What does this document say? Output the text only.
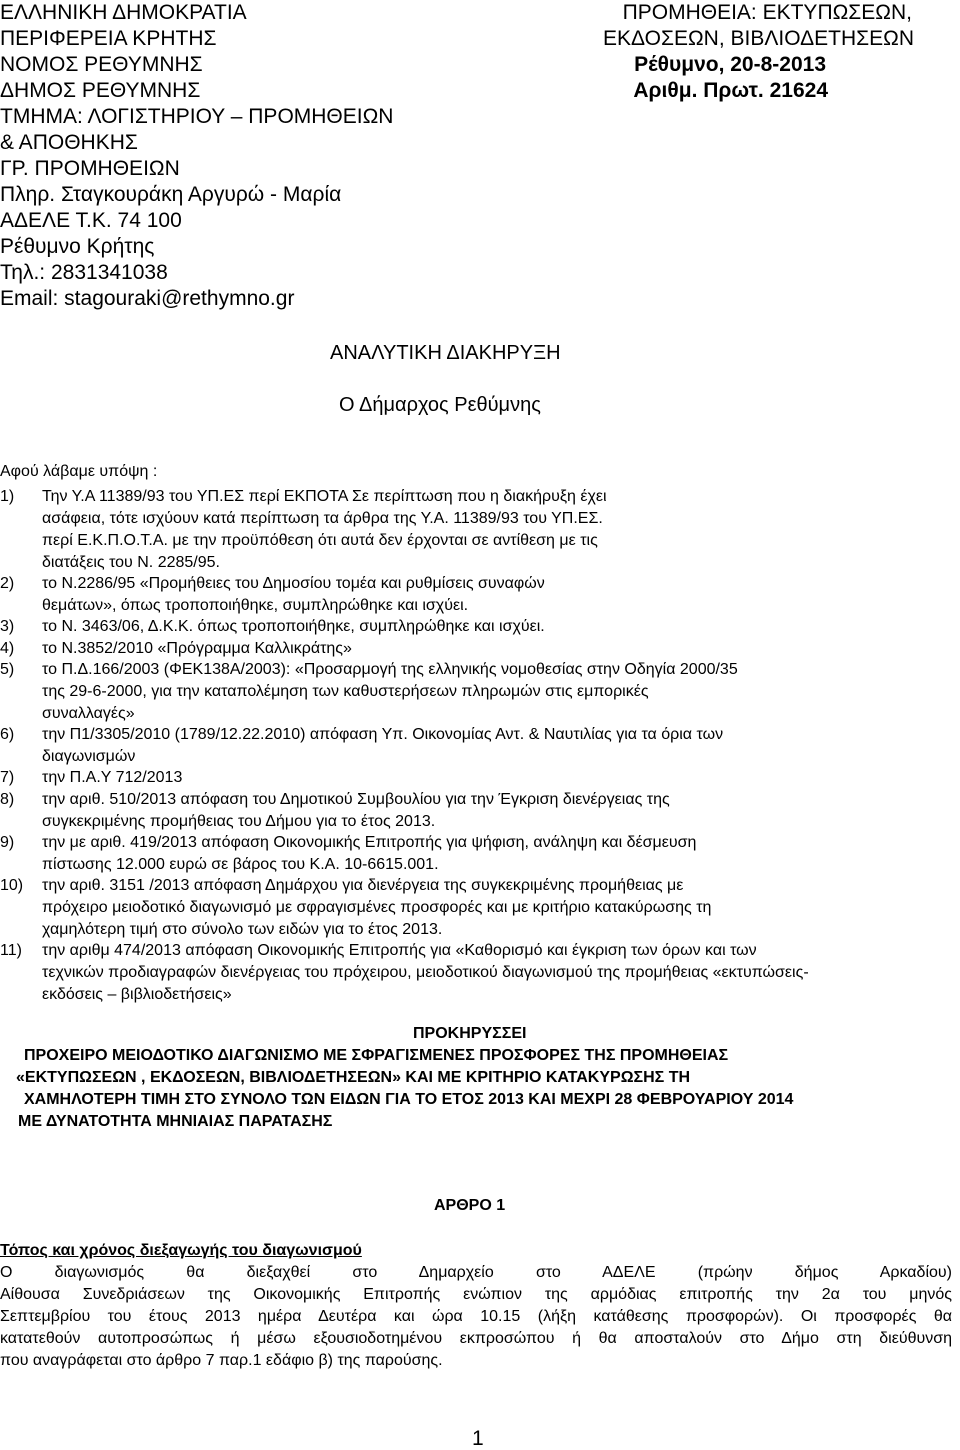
ΕΛΛΗΝΙΚΗ ΔΗΜΟΚΡΑΤΙΑ
ΠΕΡΙΦΕΡΕΙΑ ΚΡΗΤΗΣ
ΝΟΜΟΣ ΡΕΘΥΜΝΗΣ
ΔΗΜΟΣ ΡΕΘΥΜΝΗΣ
ΤΜΗΜΑ: ΛΟΓΙΣΤΗΡΙΟΥ – ΠΡΟΜΗΘΕΙΩΝ
& ΑΠΟΘΗΚΗΣ
ΓΡ. ΠΡΟΜΗΘΕΙΩΝ
Πληρ. Σταγκουράκη Αργυρώ - Μαρία
ΑΔΕΛΕ Τ.Κ. 74 100
Ρέθυμνο Κρήτης
Τηλ.: 2831341038
Email: stagouraki@rethymno.gr
ΠΡΟΜΗΘΕΙΑ: ΕΚΤΥΠΩΣΕΩΝ,
ΕΚΔΟΣΕΩΝ, ΒΙΒΛΙΟΔΕΤΗΣΕΩΝ
Ρέθυμνο, 20-8-2013
Αριθμ. Πρωτ. 21624
ΑΝΑΛΥΤΙΚΗ ΔΙΑΚΗΡΥΞΗ
Ο Δήμαρχος Ρεθύμνης
Αφού λάβαμε υπόψη :
1) Την Υ.Α 11389/93 του ΥΠ.ΕΣ περί ΕΚΠΟΤΑ Σε περίπτωση που η διακήρυξη έχει
ασάφεια, τότε ισχύουν κατά περίπτωση τα άρθρα της Υ.Α. 11389/93 του ΥΠ.ΕΣ.
περί Ε.Κ.Π.Ο.Τ.Α. με την προϋπόθεση ότι αυτά δεν έρχονται σε αντίθεση με τις
διατάξεις του Ν. 2285/95.
2) το Ν.2286/95 «Προμήθειες του Δημοσίου τομέα και ρυθμίσεις συναφών
θεμάτων», όπως τροποποιήθηκε, συμπληρώθηκε και ισχύει.
3) το Ν. 3463/06, Δ.Κ.Κ. όπως τροποποιήθηκε, συμπληρώθηκε και ισχύει.
4) το Ν.3852/2010 «Πρόγραμμα Καλλικράτης»
5) το Π.Δ.166/2003 (ΦΕΚ138Α/2003): «Προσαρμογή της ελληνικής νομοθεσίας στην Οδηγία 2000/35
της 29-6-2000, για την καταπολέμηση των καθυστερήσεων πληρωμών στις εμπορικές
συναλλαγές»
6) την Π1/3305/2010 (1789/12.22.2010) απόφαση Υπ. Οικονομίας Αντ. & Ναυτιλίας για τα όρια των
διαγωνισμών
7) την Π.Α.Υ 712/2013
8) την αριθ. 510/2013 απόφαση του Δημοτικού Συμβουλίου για την Έγκριση διενέργειας της
συγκεκριμένης προμήθειας του Δήμου για το έτος 2013.
9) την με αριθ. 419/2013 απόφαση Οικονομικής Επιτροπής για ψήφιση, ανάληψη και δέσμευση
πίστωσης 12.000 ευρώ σε βάρος του Κ.Α. 10-6615.001.
10) την αριθ. 3151 /2013 απόφαση Δημάρχου για διενέργεια της συγκεκριμένης προμήθειας με
πρόχειρο μειοδοτικό διαγωνισμό με σφραγισμένες προσφορές και με κριτήριο κατακύρωσης τη
χαμηλότερη τιμή στο σύνολο των ειδών για το έτος 2013.
11) την αριθμ 474/2013 απόφαση Οικονομικής Επιτροπής για «Καθορισμό και έγκριση των όρων και των
τεχνικών προδιαγραφών διενέργειας του πρόχειρου, μειοδοτικού διαγωνισμού της προμήθειας «εκτυπώσεις-
εκδόσεις – βιβλιοδετήσεις»
ΠΡΟΚΗΡΥΣΣΕΙ
ΠΡΟΧΕΙΡΟ ΜΕΙΟΔΟΤΙΚΟ ΔΙΑΓΩΝΙΣΜΟ ΜΕ ΣΦΡΑΓΙΣΜΕΝΕΣ ΠΡΟΣΦΟΡΕΣ ΤΗΣ ΠΡΟΜΗΘΕΙΑΣ
«ΕΚΤΥΠΩΣΕΩΝ , ΕΚΔΟΣΕΩΝ, ΒΙΒΛΙΟΔΕΤΗΣΕΩΝ» ΚΑΙ ΜΕ ΚΡΙΤΗΡΙΟ ΚΑΤΑΚΥΡΩΣΗΣ ΤΗ
ΧΑΜΗΛΟΤΕΡΗ ΤΙΜΗ ΣΤΟ ΣΥΝΟΛΟ ΤΩΝ ΕΙΔΩΝ ΓΙΑ ΤΟ ΕΤΟΣ 2013 ΚΑΙ ΜΕΧΡΙ 28 ΦΕΒΡΟΥΑΡΙΟΥ 2014
ΜΕ ΔΥΝΑΤΟΤΗΤΑ ΜΗΝΙΑΙΑΣ ΠΑΡΑΤΑΣΗΣ
ΑΡΘΡΟ 1
Τόπος και χρόνος διεξαγωγής του διαγωνισμού
Ο διαγωνισμός θα διεξαχθεί στο Δημαρχείο στο ΑΔΕΛΕ (πρώην δήμος Αρκαδίου)
Αίθουσα Συνεδριάσεων της Οικονομικής Επιτροπής ενώπιον της αρμόδιας επιτροπής την 2α του μηνός
Σεπτεμβρίου του έτους 2013 ημέρα Δευτέρα και ώρα 10.15 (λήξη κατάθεσης προσφορών). Οι προσφορές θα
κατατεθούν αυτοπροσώπως ή μέσω εξουσιοδοτημένου εκπροσώπου ή θα αποσταλούν στο Δήμο στη διεύθυνση
που αναγράφεται στο άρθρο 7 παρ.1 εδάφιο β) της παρούσης.
1
